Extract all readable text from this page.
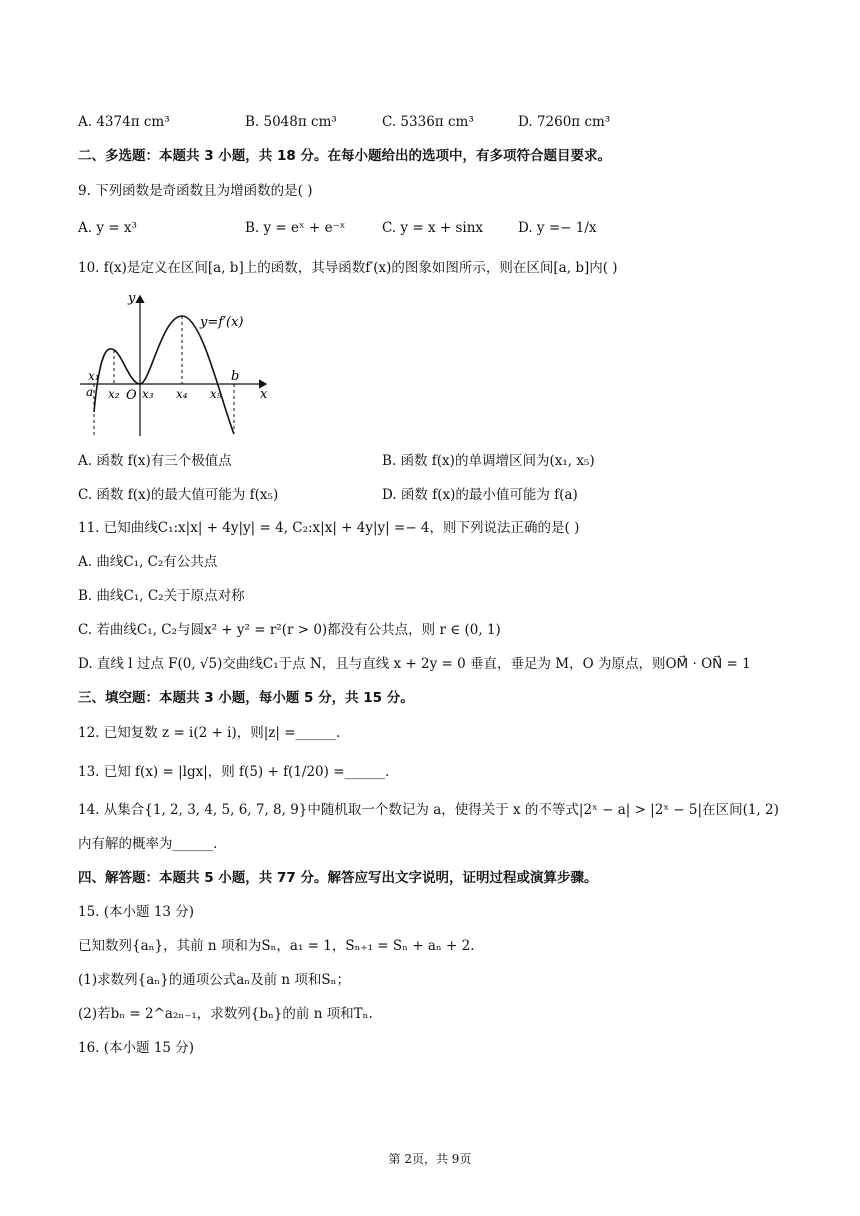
A. 4374π cm³	B. 5048π cm³	C. 5336π cm³	D. 7260π cm³
二、多选题：本题共 3 小题，共 18 分。在每小题给出的选项中，有多项符合题目要求。
9. 下列函数是奇函数且为增函数的是( )
A. y = x³	B. y = eˣ + e⁻ˣ	C. y = x + sinx	D. y =− 1/x
10. f(x)是定义在区间[a, b]上的函数，其导函数f′(x)的图象如图所示，则在区间[a, b]内( )
y=f′(x)
y
x
O
x₁
a x₂ x₃ x₄ x₅
b
A. 函数 f(x)有三个极值点	B. 函数 f(x)的单调增区间为(x₁, x₅)
C. 函数 f(x)的最大值可能为 f(x₅)	D. 函数 f(x)的最小值可能为 f(a)
11. 已知曲线C₁:x|x| + 4y|y| = 4, C₂:x|x| + 4y|y| =− 4，则下列说法正确的是( )
A. 曲线C₁, C₂有公共点
B. 曲线C₁, C₂关于原点对称
C. 若曲线C₁, C₂与圆x² + y² = r²(r > 0)都没有公共点，则 r ∈ (0, 1)
D. 直线 l 过点 F(0, √5)交曲线C₁于点 N，且与直线 x + 2y = 0 垂直，垂足为 M，O 为原点，则OM⃗ · ON⃗ = 1
三、填空题：本题共 3 小题，每小题 5 分，共 15 分。
12. 已知复数 z = i(2 + i)，则|z| =______.
13. 已知 f(x) = |lgx|，则 f(5) + f(1/20) =______.
14. 从集合{1, 2, 3, 4, 5, 6, 7, 8, 9}中随机取一个数记为 a，使得关于 x 的不等式|2ˣ − a| > |2ˣ − 5|在区间(1, 2)
内有解的概率为______.
四、解答题：本题共 5 小题，共 77 分。解答应写出文字说明，证明过程或演算步骤。
15. (本小题 13 分)
已知数列{aₙ}，其前 n 项和为Sₙ，a₁ = 1，Sₙ₊₁ = Sₙ + aₙ + 2.
(1)求数列{aₙ}的通项公式aₙ及前 n 项和Sₙ；
(2)若bₙ = 2^a₂ₙ₋₁，求数列{bₙ}的前 n 项和Tₙ.
16. (本小题 15 分)
第 2页，共 9页
